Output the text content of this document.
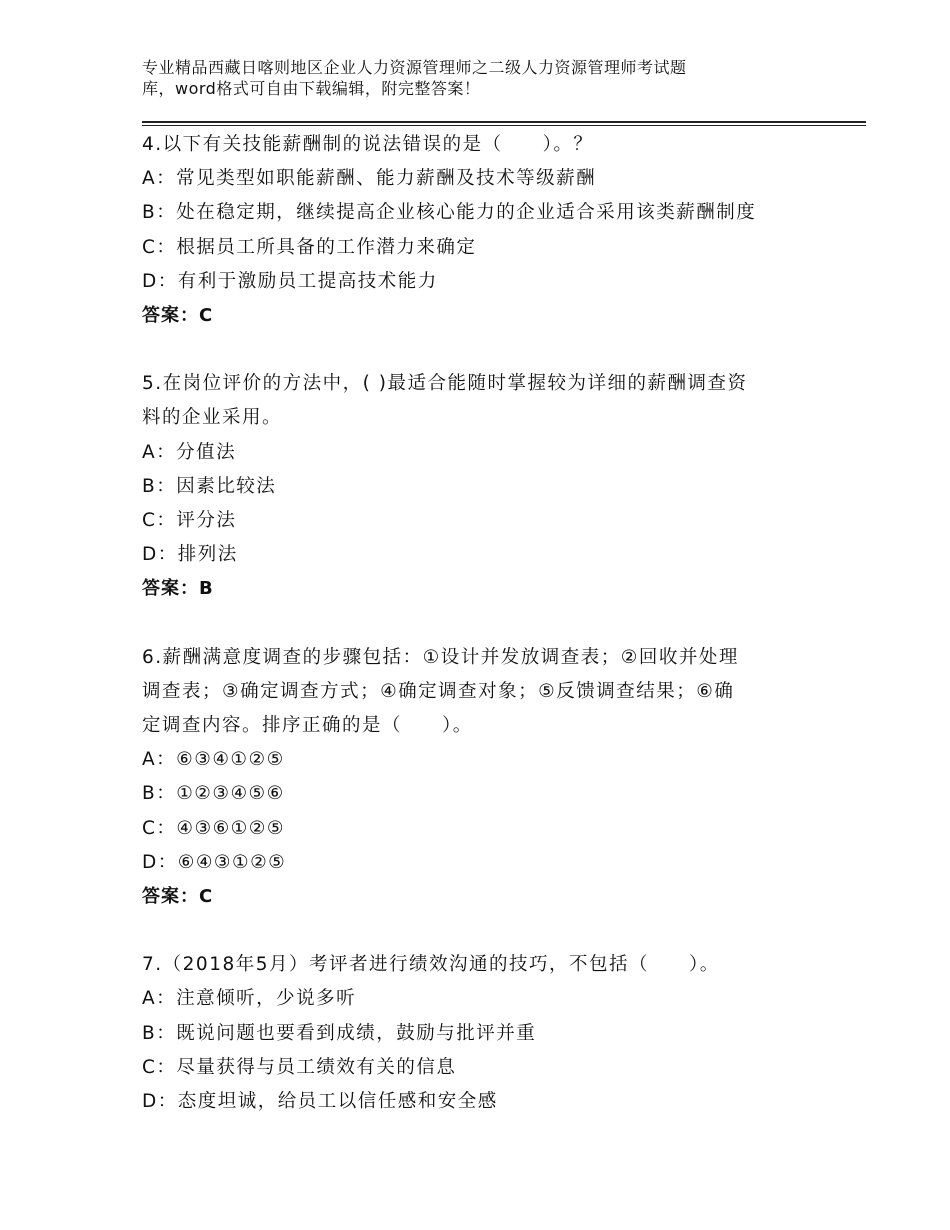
专业精品西藏日喀则地区企业人力资源管理师之二级人力资源管理师考试题
库，word格式可自由下载编辑，附完整答案！
4.以下有关技能薪酬制的说法错误的是（　　）。？
A：常见类型如职能薪酬、能力薪酬及技术等级薪酬
B：处在稳定期，继续提高企业核心能力的企业适合采用该类薪酬制度
C：根据员工所具备的工作潜力来确定
D：有利于激励员工提高技术能力
答案：C
5.在岗位评价的方法中，( )最适合能随时掌握较为详细的薪酬调查资
料的企业采用。
A：分值法
B：因素比较法
C：评分法
D：排列法
答案：B
6.薪酬满意度调查的步骤包括：①设计并发放调查表；②回收并处理
调查表；③确定调查方式；④确定调查对象；⑤反馈调查结果；⑥确
定调查内容。排序正确的是（　　）。
A：⑥③④①②⑤
B：①②③④⑤⑥
C：④③⑥①②⑤
D：⑥④③①②⑤
答案：C
7.（2018年5月）考评者进行绩效沟通的技巧，不包括（　　）。
A：注意倾听，少说多听
B：既说问题也要看到成绩，鼓励与批评并重
C：尽量获得与员工绩效有关的信息
D：态度坦诚，给员工以信任感和安全感
